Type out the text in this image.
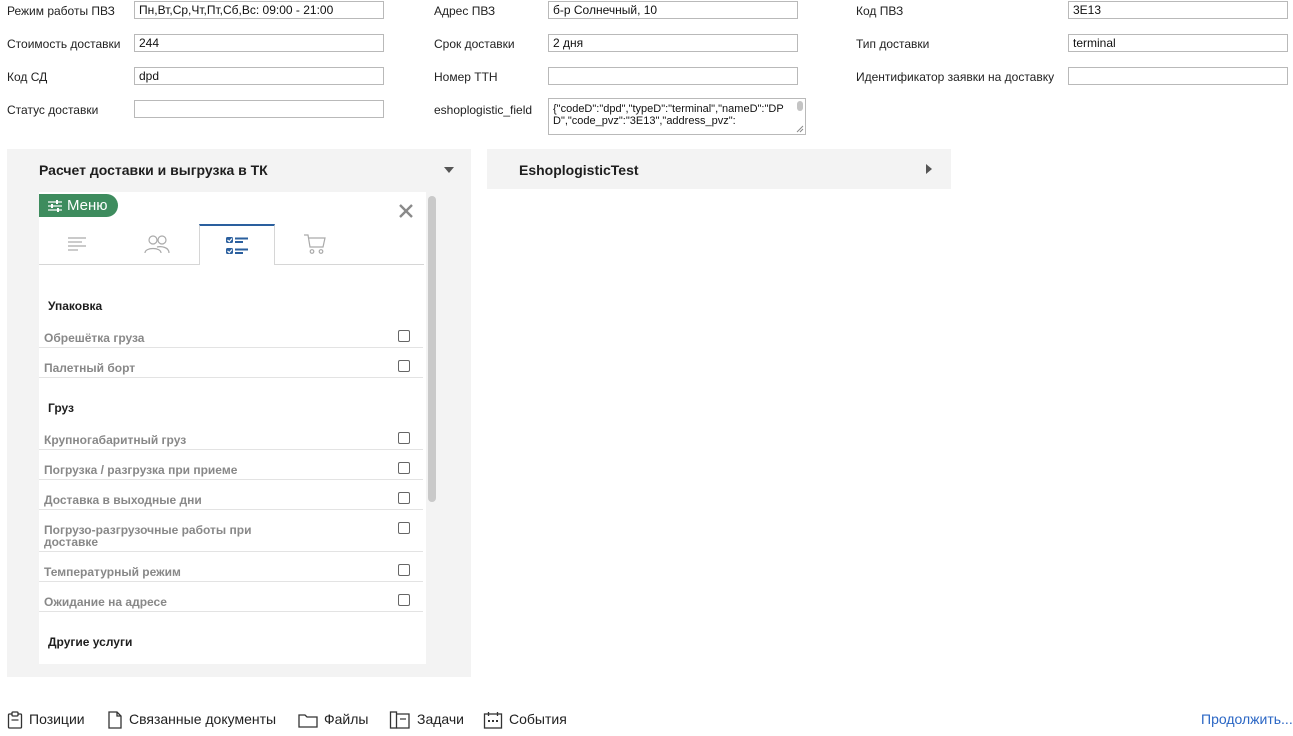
Режим работы ПВЗ	Пн,Вт,Ср,Чт,Пт,Сб,Вс: 09:00 - 21:00
Стоимость доставки	244
Код СД	dpd
Статус доставки
Адрес ПВЗ	б-р Солнечный, 10
Срок доставки	2 дня
Номер ТТН
eshoplogistic_field	{"codeD":"dpd","typeD":"terminal","nameD":"DPD","code_pvz":"3E13","address_pvz":
Код ПВЗ	3E13
Тип доставки	terminal
Идентификатор заявки на доставку
Расчет доставки и выгрузка в ТК
Меню
Упаковка
Обрешётка груза
Палетный борт
Груз
Крупногабаритный груз
Погрузка / разгрузка при приеме
Доставка в выходные дни
Погрузо-разгрузочные работы при доставке
Температурный режим
Ожидание на адресе
Другие услуги
EshoplogisticTest
Позиции	Связанные документы	Файлы	Задачи	События	Продолжить...
